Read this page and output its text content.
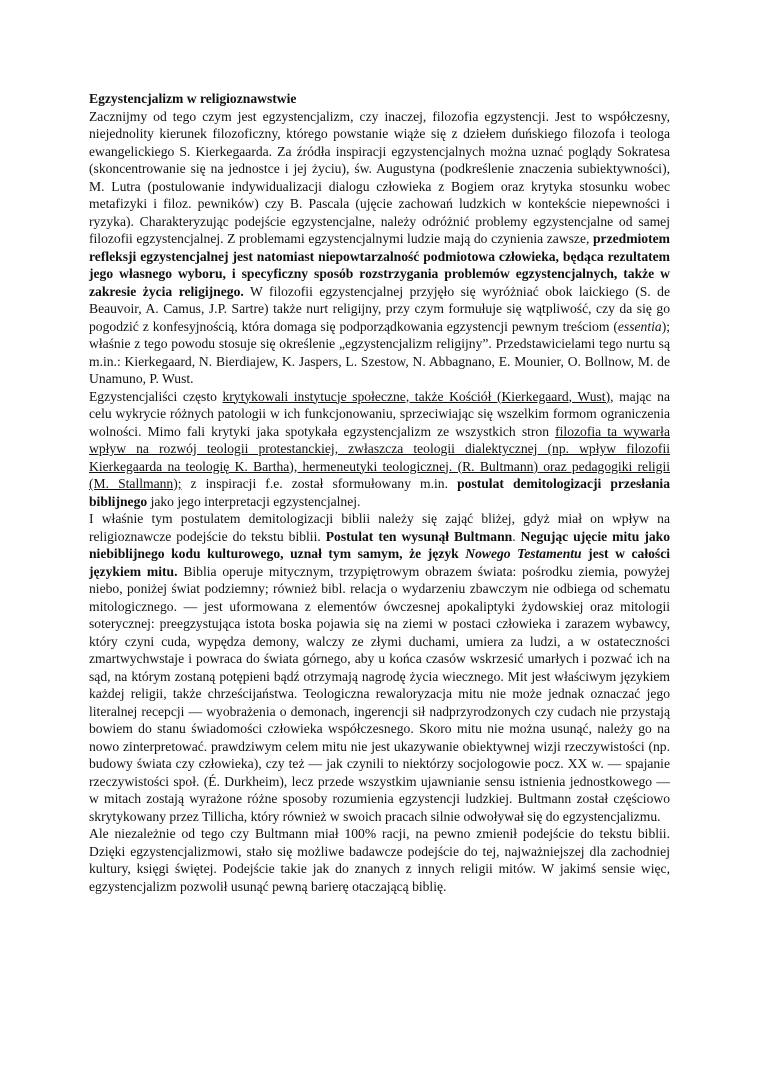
Egzystencjalizm w religioznawstwie

Zacznijmy od tego czym jest egzystencjalizm, czy inaczej, filozofia egzystencji. Jest to współczesny, niejednolity kierunek filozoficzny, którego powstanie wiąże się z dziełem duńskiego filozofa i teologa ewangelickiego S. Kierkegaarda. Za źródła inspiracji egzystencjalnych można uznać poglądy Sokratesa (skoncentrowanie się na jednostce i jej życiu), św. Augustyna (podkreślenie znaczenia subiektywności), M. Lutra (postulowanie indywidualizacji dialogu człowieka z Bogiem oraz krytyka stosunku wobec metafizyki i filoz. pewników) czy B. Pascala (ujęcie zachowań ludzkich w kontekście niepewności i ryzyka). Charakteryzując podejście egzystencjalne, należy odróżnić problemy egzystencjalne od samej filozofii egzystencjalnej. Z problemami egzystencjalnymi ludzie mają do czynienia zawsze, przedmiotem refleksji egzystencjalnej jest natomiast niepowtarzalność podmiotowa człowieka, będąca rezultatem jego własnego wyboru, i specyficzny sposób rozstrzygania problemów egzystencjalnych, także w zakresie życia religijnego. W filozofii egzystencjalnej przyjęło się wyróżniać obok laickiego (S. de Beauvoir, A. Camus, J.P. Sartre) także nurt religijny, przy czym formułuje się wątpliwość, czy da się go pogodzić z konfesyjnością, która domaga się podporządkowania egzystencji pewnym treściom (essentia); właśnie z tego powodu stosuje się określenie „egzystencjalizm religijny”. Przedstawicielami tego nurtu są m.in.: Kierkegaard, N. Bierdiajew, K. Jaspers, L. Szestow, N. Abbagnano, E. Mounier, O. Bollnow, M. de Unamuno, P. Wust.

Egzystencjaliści często krytykowali instytucje społeczne, także Kościół (Kierkegaard, Wust), mając na celu wykrycie różnych patologii w ich funkcjonowaniu, sprzeciwiając się wszelkim formom ograniczenia wolności. Mimo fali krytyki jaka spotykała egzystencjalizm ze wszystkich stron filozofia ta wywarła wpływ na rozwój teologii protestanckiej, zwłaszcza teologii dialektycznej (np. wpływ filozofii Kierkegaarda na teologię K. Bartha), hermeneutyki teologicznej. (R. Bultmann) oraz pedagogiki religii (M. Stallmann); z inspiracji f.e. został sformułowany m.in. postulat demitologizacji przesłania biblijnego jako jego interpretacji egzystencjalnej.

I właśnie tym postulatem demitologizacji biblii należy się zająć bliżej, gdyż miał on wpływ na religioznawcze podejście do tekstu biblii. Postulat ten wysunął Bultmann. Negując ujęcie mitu jako niebiblijnego kodu kulturowego, uznał tym samym, że język Nowego Testamentu jest w całości językiem mitu. Biblia operuje mitycznym, trzypiętrowym obrazem świata: pośrodku ziemia, powyżej niebo, poniżej świat podziemny; również bibl. relacja o wydarzeniu zbawczym nie odbiega od schematu mitologicznego. — jest uformowana z elementów ówczesnej apokaliptyki żydowskiej oraz mitologii soterycznej: preegzystująca istota boska pojawia się na ziemi w postaci człowieka i zarazem wybawcy, który czyni cuda, wypędza demony, walczy ze złymi duchami, umiera za ludzi, a w ostateczności zmartwychwstaje i powraca do świata górnego, aby u końca czasów wskrzesić umarłych i pozwać ich na sąd, na którym zostaną potępieni bądź otrzymają nagrodę życia wiecznego. Mit jest właściwym językiem każdej religii, także chrześcijaństwa. Teologiczna rewaloryzacja mitu nie może jednak oznaczać jego literalnej recepcji — wyobrażenia o demonach, ingerencji sił nadprzyrodzonych czy cudach nie przystają bowiem do stanu świadomości człowieka współczesnego. Skoro mitu nie można usunąć, należy go na nowo zinterpretować. prawdziwym celem mitu nie jest ukazywanie obiektywnej wizji rzeczywistości (np. budowy świata czy człowieka), czy też — jak czynili to niektórzy socjologowie pocz. XX w. — spajanie rzeczywistości społ. (É. Durkheim), lecz przede wszystkim ujawnianie sensu istnienia jednostkowego — w mitach zostają wyrażone różne sposoby rozumienia egzystencji ludzkiej. Bultmann został częściowo skrytykowany przez Tillicha, który również w swoich pracach silnie odwoływał się do egzystencjalizmu.

Ale niezależnie od tego czy Bultmann miał 100% racji, na pewno zmienił podejście do tekstu biblii. Dzięki egzystencjalizmowi, stało się możliwe badawcze podejście do tej, najważniejszej dla zachodniej kultury, księgi świętej. Podejście takie jak do znanych z innych religii mitów. W jakimś sensie więc, egzystencjalizm pozwolił usunąć pewną barierę otaczającą biblię.
